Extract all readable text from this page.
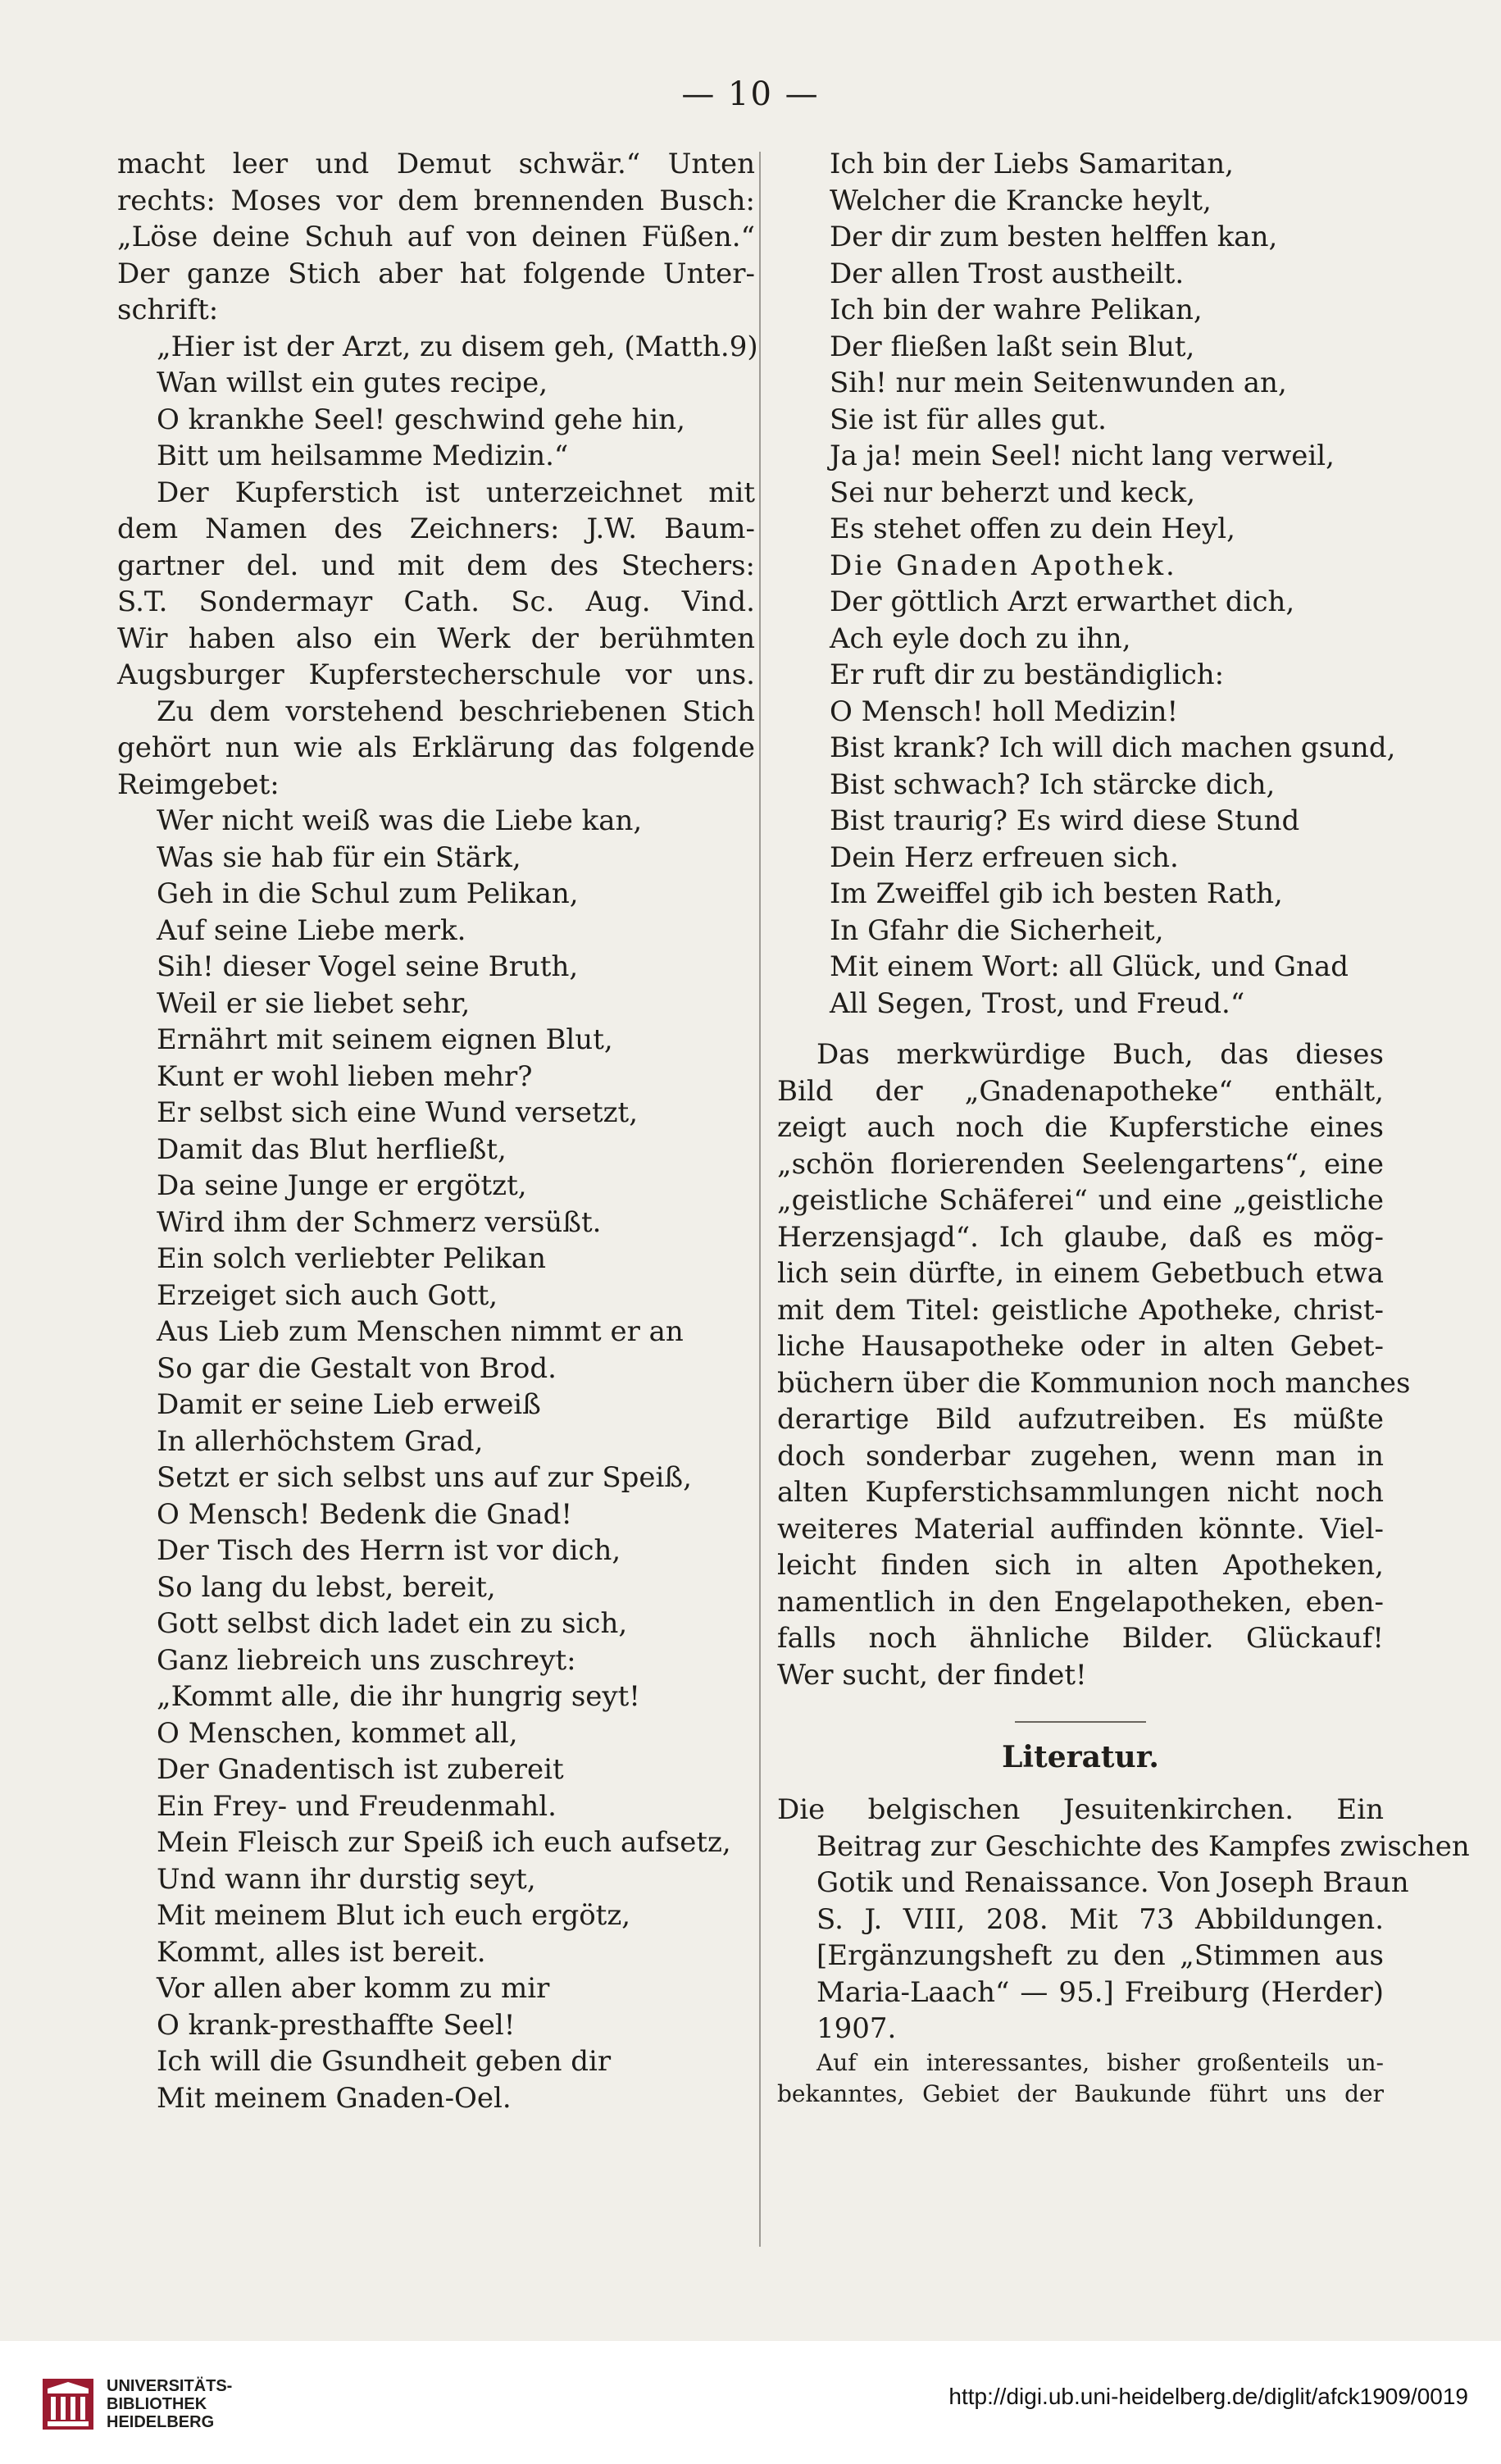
— 10 —
macht leer und Demut schwär.“ Unten
rechts: Moses vor dem brennenden Busch:
„Löse deine Schuh auf von deinen Füßen.“
Der ganze Stich aber hat folgende Unter-
schrift:
„Hier ist der Arzt, zu disem geh, (Matth.9)
Wan willst ein gutes recipe,
O krankhe Seel! geschwind gehe hin,
Bitt um heilsamme Medizin.“
Der Kupferstich ist unterzeichnet mit
dem Namen des Zeichners: J.W. Baum-
gartner del. und mit dem des Stechers:
S.T. Sondermayr Cath. Sc. Aug. Vind.
Wir haben also ein Werk der berühmten
Augsburger Kupferstecherschule vor uns.
Zu dem vorstehend beschriebenen Stich
gehört nun wie als Erklärung das folgende
Reimgebet:
Wer nicht weiß was die Liebe kan,
Was sie hab für ein Stärk,
Geh in die Schul zum Pelikan,
Auf seine Liebe merk.
Sih! dieser Vogel seine Bruth,
Weil er sie liebet sehr,
Ernährt mit seinem eignen Blut,
Kunt er wohl lieben mehr?
Er selbst sich eine Wund versetzt,
Damit das Blut herfließt,
Da seine Junge er ergötzt,
Wird ihm der Schmerz versüßt.
Ein solch verliebter Pelikan
Erzeiget sich auch Gott,
Aus Lieb zum Menschen nimmt er an
So gar die Gestalt von Brod.
Damit er seine Lieb erweiß
In allerhöchstem Grad,
Setzt er sich selbst uns auf zur Speiß,
O Mensch! Bedenk die Gnad!
Der Tisch des Herrn ist vor dich,
So lang du lebst, bereit,
Gott selbst dich ladet ein zu sich,
Ganz liebreich uns zuschreyt:
„Kommt alle, die ihr hungrig seyt!
O Menschen, kommet all,
Der Gnadentisch ist zubereit
Ein Frey- und Freudenmahl.
Mein Fleisch zur Speiß ich euch aufsetz,
Und wann ihr durstig seyt,
Mit meinem Blut ich euch ergötz,
Kommt, alles ist bereit.
Vor allen aber komm zu mir
O krank-presthaffte Seel!
Ich will die Gsundheit geben dir
Mit meinem Gnaden-Oel.
Ich bin der Liebs Samaritan,
Welcher die Krancke heylt,
Der dir zum besten helffen kan,
Der allen Trost austheilt.
Ich bin der wahre Pelikan,
Der fließen laßt sein Blut,
Sih! nur mein Seitenwunden an,
Sie ist für alles gut.
Ja ja! mein Seel! nicht lang verweil,
Sei nur beherzt und keck,
Es stehet offen zu dein Heyl,
Die Gnaden Apothek.
Der göttlich Arzt erwarthet dich,
Ach eyle doch zu ihn,
Er ruft dir zu beständiglich:
O Mensch! holl Medizin!
Bist krank? Ich will dich machen gsund,
Bist schwach? Ich stärcke dich,
Bist traurig? Es wird diese Stund
Dein Herz erfreuen sich.
Im Zweiffel gib ich besten Rath,
In Gfahr die Sicherheit,
Mit einem Wort: all Glück, und Gnad
All Segen, Trost, und Freud.“
Das merkwürdige Buch, das dieses
Bild der „Gnadenapotheke“ enthält,
zeigt auch noch die Kupferstiche eines
„schön florierenden Seelengartens“, eine
„geistliche Schäferei“ und eine „geistliche
Herzensjagd“. Ich glaube, daß es mög-
lich sein dürfte, in einem Gebetbuch etwa
mit dem Titel: geistliche Apotheke, christ-
liche Hausapotheke oder in alten Gebet-
büchern über die Kommunion noch manches
derartige Bild aufzutreiben. Es müßte
doch sonderbar zugehen, wenn man in
alten Kupferstichsammlungen nicht noch
weiteres Material auffinden könnte. Viel-
leicht finden sich in alten Apotheken,
namentlich in den Engelapotheken, eben-
falls noch ähnliche Bilder. Glückauf!
Wer sucht, der findet!
Literatur.
Die belgischen Jesuitenkirchen. Ein
Beitrag zur Geschichte des Kampfes zwischen
Gotik und Renaissance. Von Joseph Braun
S. J. VIII, 208. Mit 73 Abbildungen.
[Ergänzungsheft zu den „Stimmen aus
Maria-Laach“ — 95.] Freiburg (Herder)
1907.
Auf ein interessantes, bisher großenteils un-
bekanntes, Gebiet der Baukunde führt uns der
UNIVERSITÄTS-
BIBLIOTHEK
HEIDELBERG
http://digi.ub.uni-heidelberg.de/diglit/afck1909/0019
